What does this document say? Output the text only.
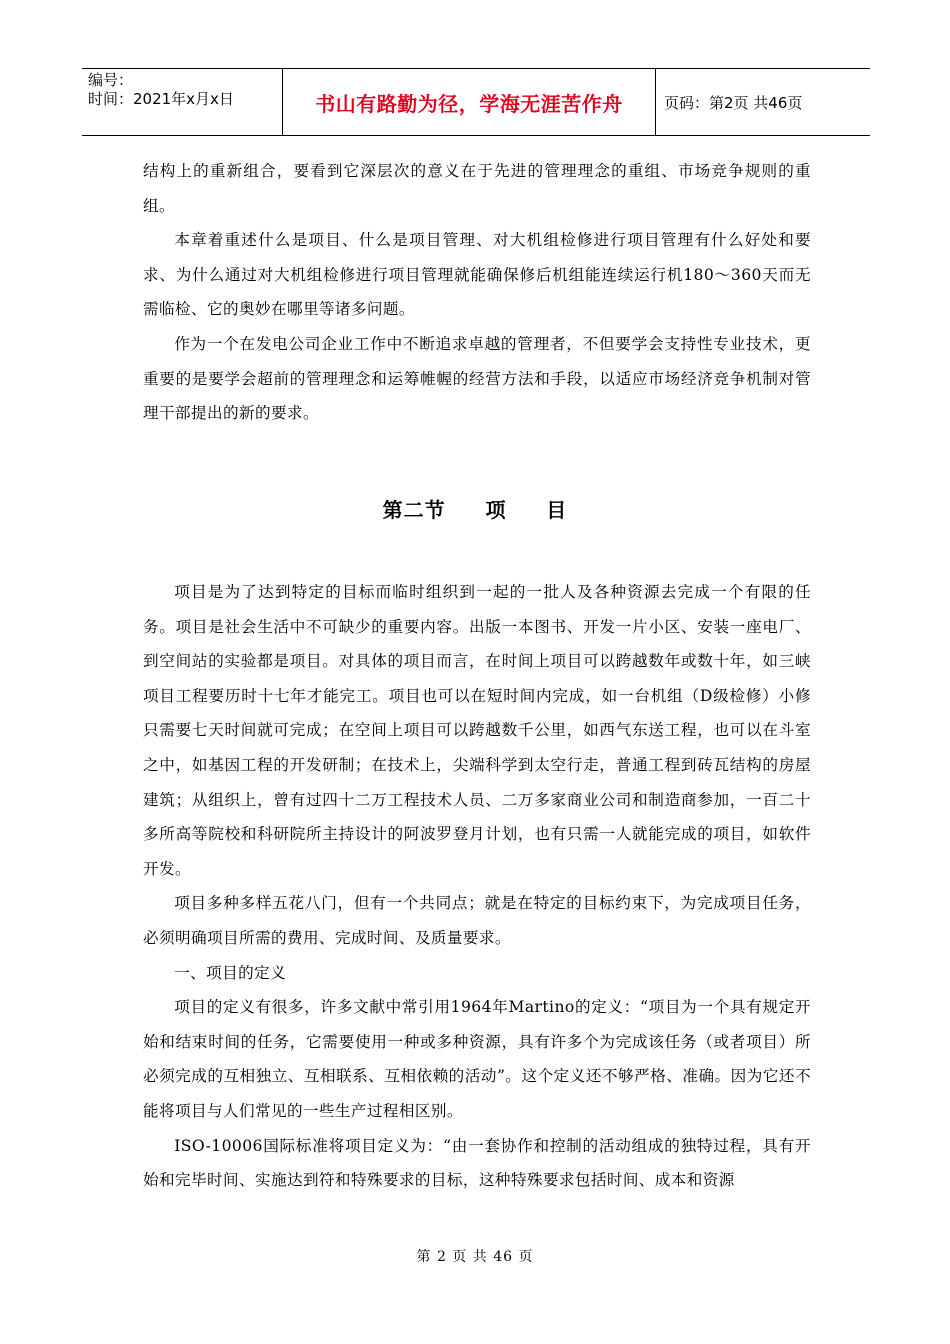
编号：
时间：2021年x月x日	书山有路勤为径，学海无涯苦作舟	页码：第2页 共46页

结构上的重新组合，要看到它深层次的意义在于先进的管理理念的重组、市场竞争规则的重组。

本章着重述什么是项目、什么是项目管理、对大机组检修进行项目管理有什么好处和要求、为什么通过对大机组检修进行项目管理就能确保修后机组能连续运行机180～360天而无需临检、它的奥妙在哪里等诸多问题。

作为一个在发电公司企业工作中不断追求卓越的管理者，不但要学会支持性专业技术，更重要的是要学会超前的管理理念和运筹帷幄的经营方法和手段，以适应市场经济竞争机制对管理干部提出的新的要求。

第二节     项     目

项目是为了达到特定的目标而临时组织到一起的一批人及各种资源去完成一个有限的任务。项目是社会生活中不可缺少的重要内容。出版一本图书、开发一片小区、安装一座电厂、到空间站的实验都是项目。对具体的项目而言，在时间上项目可以跨越数年或数十年，如三峡项目工程要历时十七年才能完工。项目也可以在短时间内完成，如一台机组（D级检修）小修只需要七天时间就可完成；在空间上项目可以跨越数千公里，如西气东送工程，也可以在斗室之中，如基因工程的开发研制；在技术上，尖端科学到太空行走，普通工程到砖瓦结构的房屋建筑；从组织上，曾有过四十二万工程技术人员、二万多家商业公司和制造商参加，一百二十多所高等院校和科研院所主持设计的阿波罗登月计划，也有只需一人就能完成的项目，如软件开发。

项目多种多样五花八门，但有一个共同点；就是在特定的目标约束下，为完成项目任务，必须明确项目所需的费用、完成时间、及质量要求。

一、项目的定义

项目的定义有很多，许多文献中常引用1964年Martino的定义：“项目为一个具有规定开始和结束时间的任务，它需要使用一种或多种资源，具有许多个为完成该任务（或者项目）所必须完成的互相独立、互相联系、互相依赖的活动”。这个定义还不够严格、准确。因为它还不能将项目与人们常见的一些生产过程相区别。

ISO-10006国际标准将项目定义为：“由一套协作和控制的活动组成的独特过程，具有开始和完毕时间、实施达到符和特殊要求的目标，这种特殊要求包括时间、成本和资源

第 2 页 共 46 页
